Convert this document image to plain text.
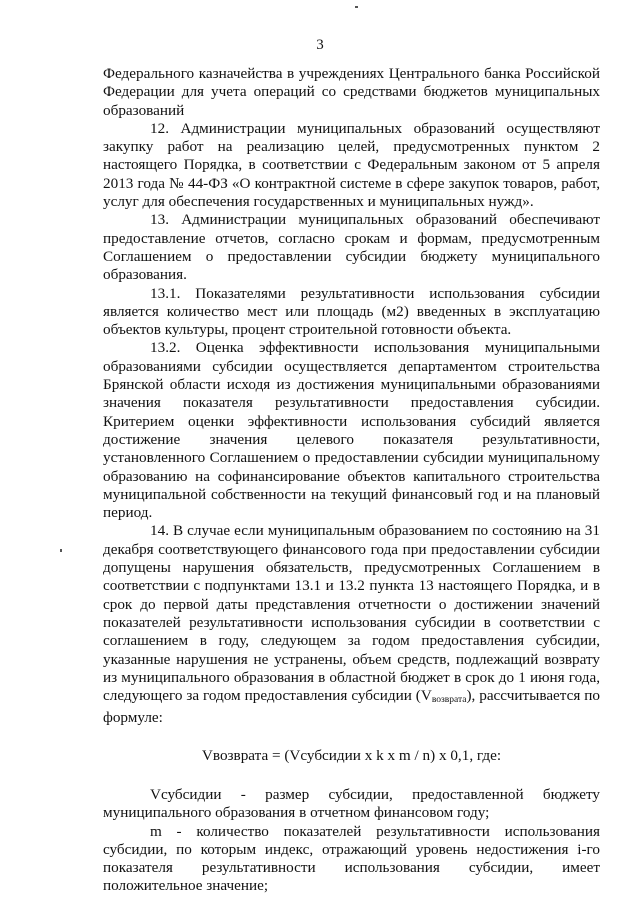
3

Федерального казначейства в учреждениях Центрального банка Российской Федерации для учета операций со средствами бюджетов муниципальных образований

12. Администрации муниципальных образований осуществляют закупку работ на реализацию целей, предусмотренных пунктом 2 настоящего Порядка, в соответствии с Федеральным законом от 5 апреля 2013 года № 44-ФЗ «О контрактной системе в сфере закупок товаров, работ, услуг для обеспечения государственных и муниципальных нужд».

13. Администрации муниципальных образований обеспечивают предоставление отчетов, согласно срокам и формам, предусмотренным Соглашением о предоставлении субсидии бюджету муниципального образования.

13.1. Показателями результативности использования субсидии является количество мест или площадь (м2) введенных в эксплуатацию объектов культуры, процент строительной готовности объекта.

13.2. Оценка эффективности использования муниципальными образованиями субсидии осуществляется департаментом строительства Брянской области исходя из достижения муниципальными образованиями значения показателя результативности предоставления субсидии. Критерием оценки эффективности использования субсидий является достижение значения целевого показателя результативности, установленного Соглашением о предоставлении субсидии муниципальному образованию на софинансирование объектов капитального строительства муниципальной собственности на текущий финансовый год и на плановый период.

14. В случае если муниципальным образованием по состоянию на 31 декабря соответствующего финансового года при предоставлении субсидии допущены нарушения обязательств, предусмотренных Соглашением в соответствии с подпунктами 13.1 и 13.2 пункта 13 настоящего Порядка, и в срок до первой даты представления отчетности о достижении значений показателей результативности использования субсидии в соответствии с соглашением в году, следующем за годом предоставления субсидии, указанные нарушения не устранены, объем средств, подлежащий возврату из муниципального образования в областной бюджет в срок до 1 июня года, следующего за годом предоставления субсидии $(V_{возврата})$, рассчитывается по формуле:

Vвозврата = (Vсубсидии x k x m / n) x 0,1, где:

Vсубсидии - размер субсидии, предоставленной бюджету муниципального образования в отчетном финансовом году;

m - количество показателей результативности использования субсидии, по которым индекс, отражающий уровень недостижения i-го показателя результативности использования субсидии, имеет положительное значение;
